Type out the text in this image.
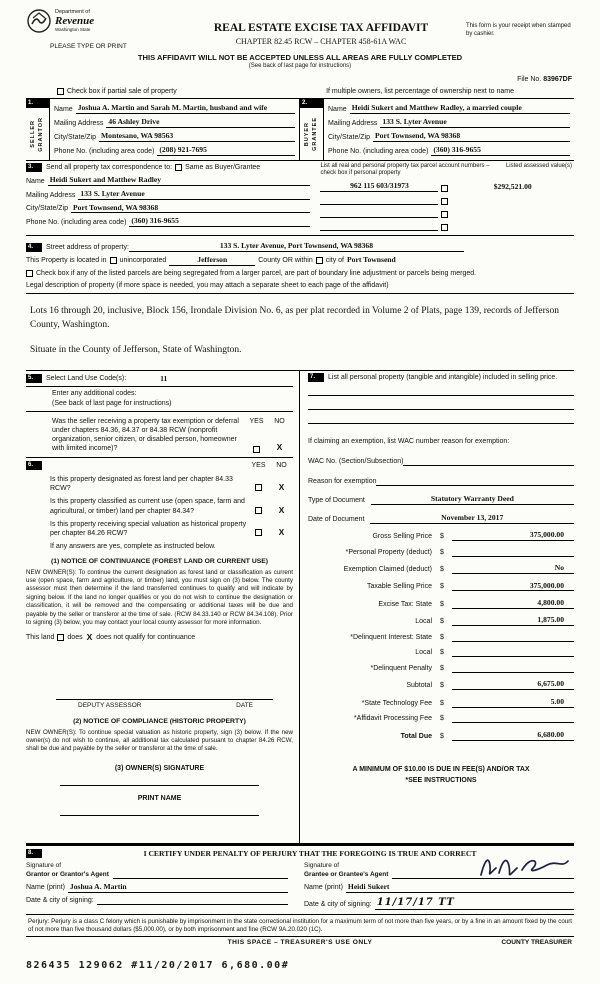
Department of
Revenue
Washington State
PLEASE TYPE OR PRINT
REAL ESTATE EXCISE TAX AFFIDAVIT
CHAPTER 82.45 RCW – CHAPTER 458-61A WAC
This form is your receipt when stamped by cashier.
THIS AFFIDAVIT WILL NOT BE ACCEPTED UNLESS ALL AREAS ARE FULLY COMPLETED
(See back of last page for instructions)
File No. 83967DF
Check box if partial sale of property	If multiple owners, list percentage of ownership next to name
1.
SELLER GRANTOR
Name Joshua A. Martin and Sarah M. Martin, husband and wife
Mailing Address 46 Ashley Drive
City/State/Zip Montesano, WA 98563
Phone No. (including area code) (208) 921-7695
2.
BUYER GRANTEE
Name Heidi Sukert and Matthew Radley, a married couple
Mailing Address 133 S. Lyter Avenue
City/State/Zip Port Townsend, WA 98368
Phone No. (including area code) (360) 316-9655
3.	Send all property tax correspondence to: Same as Buyer/Grantee
Name Heidi Sukert and Matthew Radley
Mailing Address 133 S. Lyter Avenue
City/State/Zip Port Townsend, WA 98368
Phone No. (including area code) (360) 316-9655
List all real and personal property tax parcel account numbers – check box if personal property
Listed assessed value(s)
962 115 603/31973	$292,521.00
4.	Street address of property:	133 S. Lyter Avenue, Port Townsend, WA 98368
This Property is located in unincorporated	Jefferson	County OR within city of Port Townsend
Check box if any of the listed parcels are being segregated from a larger parcel, are part of boundary line adjustment or parcels being merged.
Legal description of property (if more space is needed, you may attach a separate sheet to each page of the affidavit)

Lots 16 through 20, inclusive, Block 156, Irondale Division No. 6, as per plat recorded in Volume 2 of Plats, page 139, records of Jefferson County, Washington.

Situate in the County of Jefferson, State of Washington.

5.	Select Land Use Code(s):	11
Enter any additional codes:
(See back of last page for instructions)
Was the seller receiving a property tax exemption or deferral under chapters 84.36, 84.37 or 84.38 RCW (nonprofit organization, senior citizen, or disabled person, homeowner with limited income)?
YES NO
X
6.	YES	NO
Is this property designated as forest land per chapter 84.33 RCW?	X
Is this property classified as current use (open space, farm and agricultural, or timber) land per chapter 84.34?	X
Is this property receiving special valuation as historical property per chapter 84.26 RCW?	X
If any answers are yes, complete as instructed below.
(1) NOTICE OF CONTINUANCE (FOREST LAND OR CURRENT USE)
NEW OWNER(S): To continue the current designation as forest land or classification as current use (open space, farm and agriculture, or timber) land, you must sign on (3) below. The county assessor must then determine if the land transferred continues to qualify and will indicate by signing below. If the land no longer qualifies or you do not wish to continue the designation or classification, it will be removed and the compensating or additional taxes will be due and payable by the seller or transferor at the time of sale. (RCW 84.33.140 or RCW 84.34.108). Prior to signing (3) below, you may contact your local county assessor for more information.
This land does X does not qualify for continuance
DEPUTY ASSESSOR	DATE
(2) NOTICE OF COMPLIANCE (HISTORIC PROPERTY)
NEW OWNER(S): To continue special valuation as historic property, sign (3) below. If the new owner(s) do not wish to continue, all additional tax calculated pursuant to chapter 84.26 RCW, shall be due and payable by the seller or transferor at the time of sale.
(3) OWNER(S) SIGNATURE
PRINT NAME
7.	List all personal property (tangible and intangible) included in selling price.
If claiming an exemption, list WAC number reason for exemption:
WAC No. (Section/Subsection)
Reason for exemption
Type of Document	Statutory Warranty Deed
Date of Document	November 13, 2017
Gross Selling Price	$	375,000.00
*Personal Property (deduct)	$
Exemption Claimed (deduct)	$	No
Taxable Selling Price	$	375,000.00
Excise Tax: State	$	4,800.00
Local	$	1,875.00
*Delinquent Interest: State	$
Local	$
*Delinquent Penalty	$
Subtotal	$	6,675.00
*State Technology Fee	$	5.00
*Affidavit Processing Fee	$
Total Due	$	6,680.00
A MINIMUM OF $10.00 IS DUE IN FEE(S) AND/OR TAX
*SEE INSTRUCTIONS
8.	I CERTIFY UNDER PENALTY OF PERJURY THAT THE FOREGOING IS TRUE AND CORRECT
Signature of
Grantor or Grantor's Agent
Name (print) Joshua A. Martin
Date & city of signing:
Signature of
Grantee or Grantee's Agent
Name (print) Heidi Sukert
Date & city of signing: 11/17/17 TT
Perjury: Perjury is a class C felony which is punishable by imprisonment in the state correctional institution for a maximum term of not more than five years, or by a fine in an amount fixed by the court of not more than five thousand dollars ($5,000.00), or by both imprisonment and fine (RCW 9A.20.020 (1C).
THIS SPACE – TREASURER'S USE ONLY	COUNTY TREASURER
826435 129062 #11/20/2017 6,680.00#
